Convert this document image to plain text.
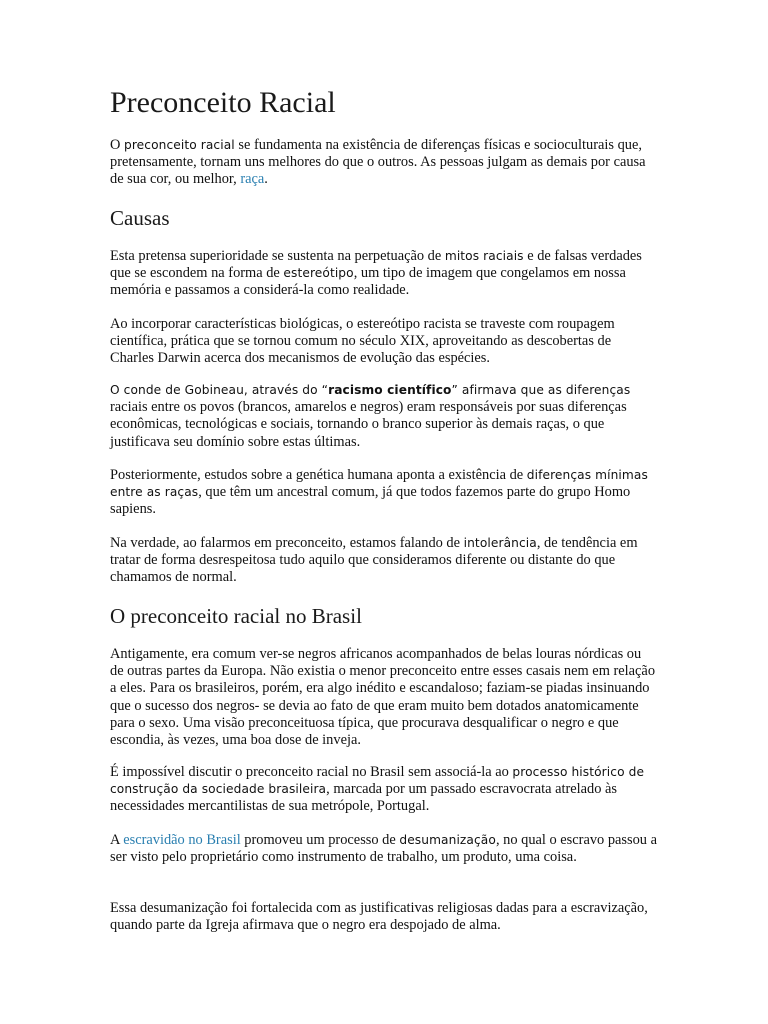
Preconceito Racial

O preconceito racial se fundamenta na existência de diferenças físicas e socioculturais que, pretensamente, tornam uns melhores do que o outros. As pessoas julgam as demais por causa de sua cor, ou melhor, raça.

Causas

Esta pretensa superioridade se sustenta na perpetuação de mitos raciais e de falsas verdades que se escondem na forma de estereótipo, um tipo de imagem que congelamos em nossa memória e passamos a considerá-la como realidade.

Ao incorporar características biológicas, o estereótipo racista se traveste com roupagem científica, prática que se tornou comum no século XIX, aproveitando as descobertas de Charles Darwin acerca dos mecanismos de evolução das espécies.

O conde de Gobineau, através do “racismo científico” afirmava que as diferenças raciais entre os povos (brancos, amarelos e negros) eram responsáveis por suas diferenças econômicas, tecnológicas e sociais, tornando o branco superior às demais raças, o que justificava seu domínio sobre estas últimas.

Posteriormente, estudos sobre a genética humana aponta a existência de diferenças mínimas entre as raças, que têm um ancestral comum, já que todos fazemos parte do grupo Homo sapiens.

Na verdade, ao falarmos em preconceito, estamos falando de intolerância, de tendência em tratar de forma desrespeitosa tudo aquilo que consideramos diferente ou distante do que chamamos de normal.

O preconceito racial no Brasil

Antigamente, era comum ver-se negros africanos acompanhados de belas louras nórdicas ou de outras partes da Europa. Não existia o menor preconceito entre esses casais nem em relação a eles. Para os brasileiros, porém, era algo inédito e escandaloso; faziam-se piadas insinuando que o sucesso dos negros- se devia ao fato de que eram muito bem dotados anatomicamente para o sexo. Uma visão preconceituosa típica, que procurava desqualificar o negro e que escondia, às vezes, uma boa dose de inveja.

É impossível discutir o preconceito racial no Brasil sem associá-la ao processo histórico de construção da sociedade brasileira, marcada por um passado escravocrata atrelado às necessidades mercantilistas de sua metrópole, Portugal.

A escravidão no Brasil promoveu um processo de desumanização, no qual o escravo passou a ser visto pelo proprietário como instrumento de trabalho, um produto, uma coisa.

Essa desumanização foi fortalecida com as justificativas religiosas dadas para a escravização, quando parte da Igreja afirmava que o negro era despojado de alma.
